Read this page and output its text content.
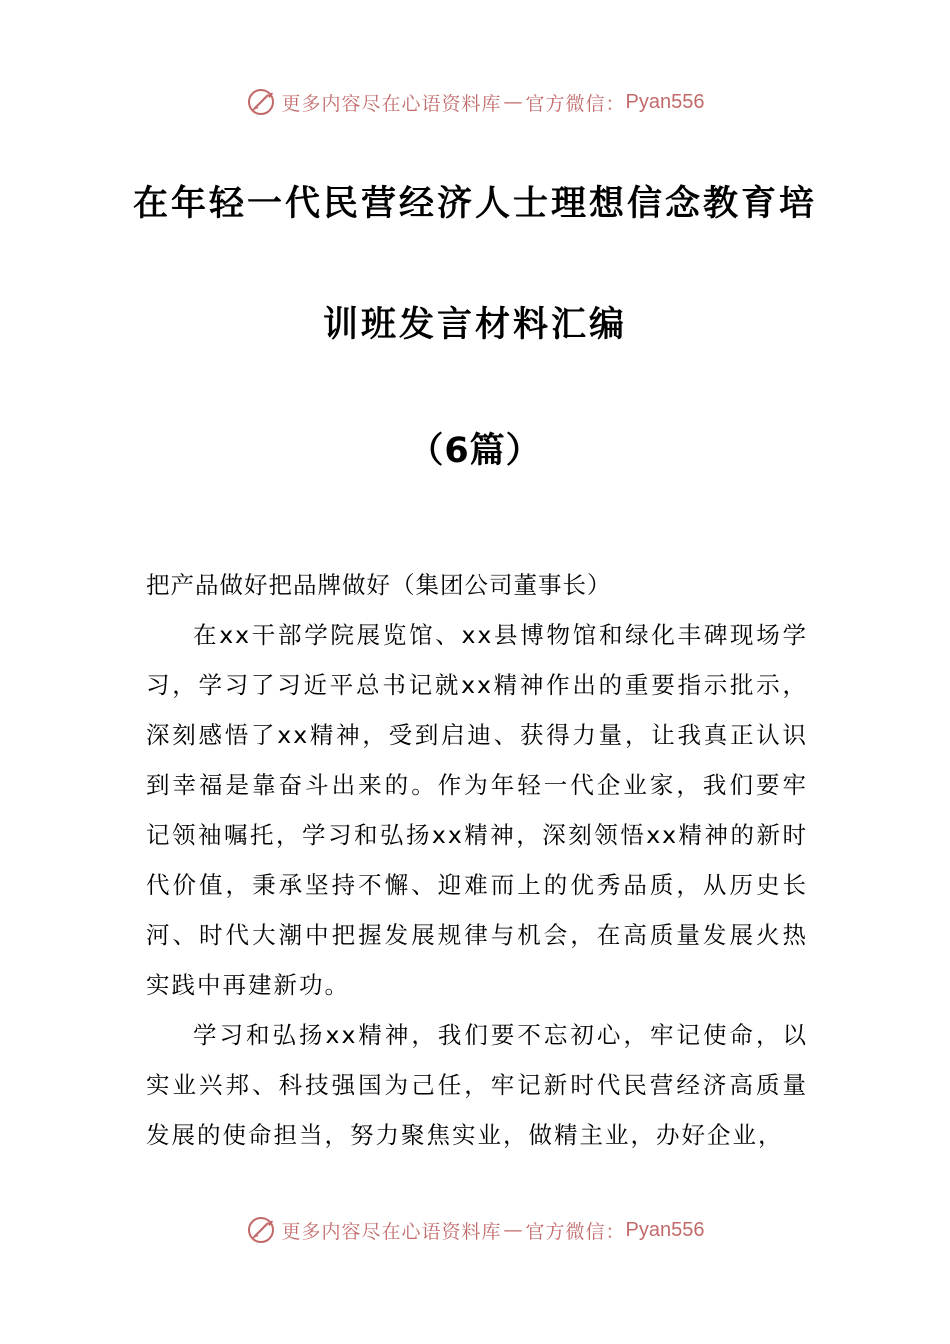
更多内容尽在心语资料库 — 官方微信： Pyan556
在年轻一代民营经济人士理想信念教育培
训班发言材料汇编
（6篇）

把产品做好把品牌做好（集团公司董事长）

在xx干部学院展览馆、xx县博物馆和绿化丰碑现场学习，学习了习近平总书记就xx精神作出的重要指示批示，深刻感悟了xx精神，受到启迪、获得力量，让我真正认识到幸福是靠奋斗出来的。作为年轻一代企业家，我们要牢记领袖嘱托，学习和弘扬xx精神，深刻领悟xx精神的新时代价值，秉承坚持不懈、迎难而上的优秀品质，从历史长河、时代大潮中把握发展规律与机会，在高质量发展火热实践中再建新功。

学习和弘扬xx精神，我们要不忘初心，牢记使命，以实业兴邦、科技强国为己任，牢记新时代民营经济高质量发展的使命担当，努力聚焦实业，做精主业，办好企业，

更多内容尽在心语资料库 — 官方微信： Pyan556
